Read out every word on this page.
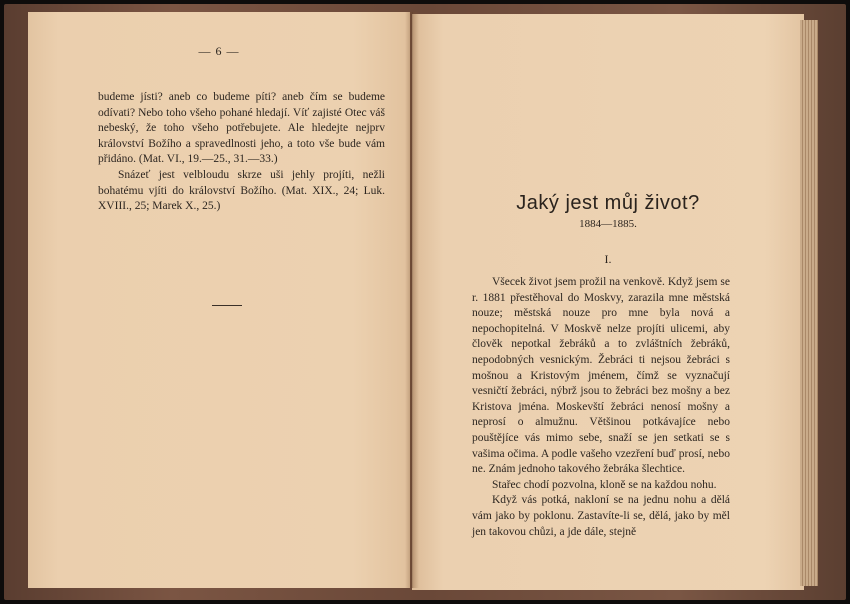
— 6 —

budeme jísti? aneb co budeme píti? aneb čím se budeme odívati? Nebo toho všeho pohané hledají. Víť zajisté Otec váš nebeský, že toho všeho potřebujete. Ale hledejte nejprv království Božího a spravedlnosti jeho, a toto vše bude vám přidáno. (Mat. VI., 19.—25., 31.—33.)

Snázeť jest velbloudu skrze uši jehly projíti, nežli bohatému vjíti do království Božího. (Mat. XIX., 24; Luk. XVIII., 25; Marek X., 25.)	Jaký jest můj život?
1884—1885.
I.

Všecek život jsem prožil na venkově. Když jsem se r. 1881 přestěhoval do Moskvy, zarazila mne městská nouze; městská nouze pro mne byla nová a nepochopitelná. V Moskvě nelze projíti ulicemi, aby člověk nepotkal žebráků a to zvláštních žebráků, nepodobných vesnickým. Žebráci ti nejsou žebráci s mošnou a Kristovým jménem, čímž se vyznačují vesničtí žebráci, nýbrž jsou to žebráci bez mošny a bez Kristova jména. Moskevští žebráci nenosí mošny a neprosí o almužnu. Většinou potkávajíce nebo pouštějíce vás mimo sebe, snaží se jen setkati se s vašima očima. A podle vašeho vzezření buď prosí, nebo ne. Znám jednoho takového žebráka šlechtice.

Stařec chodí pozvolna, kloně se na každou nohu.

Když vás potká, nakloní se na jednu nohu a dělá vám jako by poklonu. Zastavíte-li se, dělá, jako by měl jen takovou chůzi, a jde dále, stejně
